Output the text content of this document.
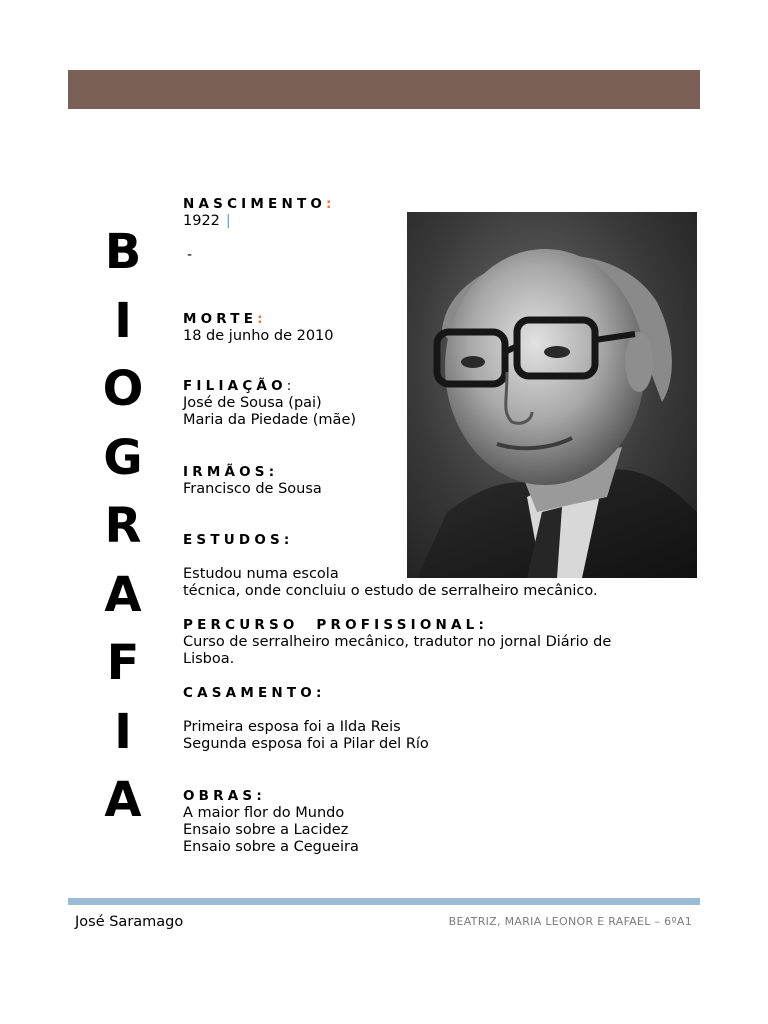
B
I
O
G
R
A
F
I
A
NASCIMENTO:
1922 |
-
MORTE:
18 de junho de 2010
FILIAÇÃO:
José de Sousa (pai)
Maria da Piedade (mãe)
IRMÃOS:
Francisco de Sousa
ESTUDOS:
Estudou numa escola
técnica, onde concluiu o estudo de serralheiro mecânico.
PERCURSO  PROFISSIONAL:
Curso de serralheiro mecânico, tradutor no jornal Diário de
Lisboa.
CASAMENTO:
Primeira esposa foi a Ilda Reis
Segunda esposa foi a Pilar del Río
OBRAS:
A maior flor do Mundo
Ensaio sobre a Lacidez
Ensaio sobre a Cegueira
José Saramago	BEATRIZ, MARIA LEONOR E RAFAEL – 6ºA1
